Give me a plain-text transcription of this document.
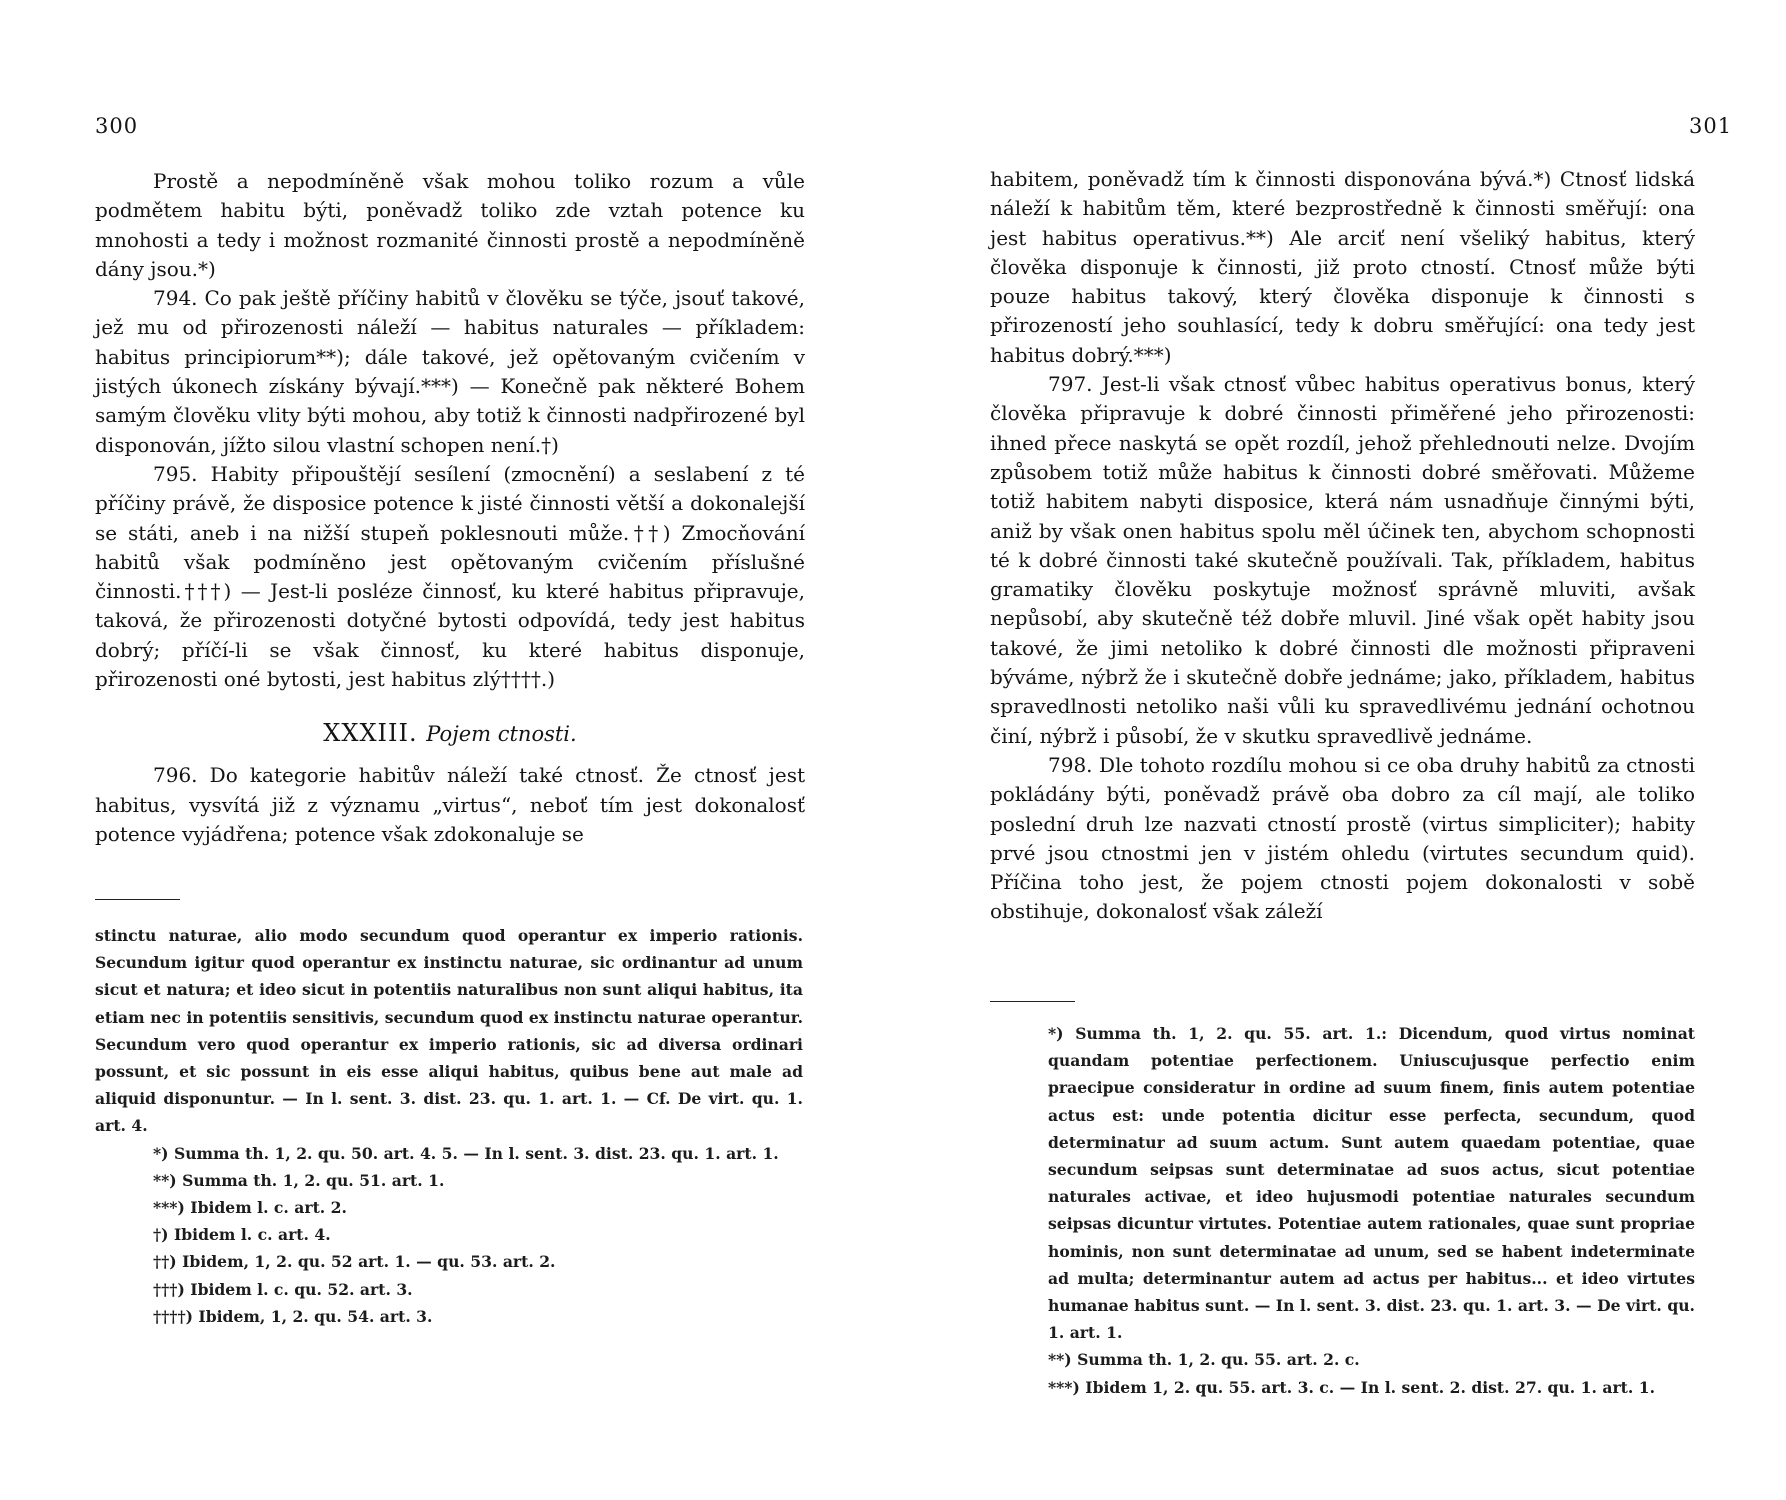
300

Prostě a nepodmíněně však mohou toliko rozum a vůle podmětem habitu býti, poněvadž toliko zde vztah potence ku mnohosti a tedy i možnost rozmanité činnosti prostě a nepodmíněně dány jsou.*)

794. Co pak ještě příčiny habitů v člověku se týče, jsouť takové, jež mu od přirozenosti náleží — habitus naturales — příkladem: habitus principiorum**); dále takové, jež opětovaným cvičením v jistých úkonech získány bývají.***) — Konečně pak některé Bohem samým člověku vlity býti mohou, aby totiž k činnosti nadpřirozené byl disponován, jížto silou vlastní schopen není.†)

795. Habity připouštějí sesílení (zmocnění) a seslabení z té příčiny právě, že disposice potence k jisté činnosti větší a dokonalejší se státi, aneb i na nižší stupeň poklesnouti může.††) Zmocňování habitů však podmíněno jest opětovaným cvičením příslušné činnosti.†††) — Jest-li posléze činnosť, ku které habitus připravuje, taková, že přirozenosti dotyčné bytosti odpovídá, tedy jest habitus dobrý; příčí-li se však činnosť, ku které habitus disponuje, přirozenosti oné bytosti, jest habitus zlý††††.)

XXXIII. Pojem ctnosti.

796. Do kategorie habitův náleží také ctnosť. Že ctnosť jest habitus, vysvítá již z významu „virtus“, neboť tím jest dokonalosť potence vyjádřena; potence však zdokonaluje se

stinctu naturae, alio modo secundum quod operantur ex imperio rationis. Secundum igitur quod operantur ex instinctu naturae, sic ordinantur ad unum sicut et natura; et ideo sicut in potentiis naturalibus non sunt aliqui habitus, ita etiam nec in potentiis sensitivis, secundum quod ex instinctu naturae operantur. Secundum vero quod operantur ex imperio rationis, sic ad diversa ordinari possunt, et sic possunt in eis esse aliqui habitus, quibus bene aut male ad aliquid disponuntur. — In l. sent. 3. dist. 23. qu. 1. art. 1. — Cf. De virt. qu. 1. art. 4.

*) Summa th. 1, 2. qu. 50. art. 4. 5. — In l. sent. 3. dist. 23. qu. 1. art. 1.

**) Summa th. 1, 2. qu. 51. art. 1.

***) Ibidem l. c. art. 2.

†) Ibidem l. c. art. 4.

††) Ibidem, 1, 2. qu. 52 art. 1. — qu. 53. art. 2.

†††) Ibidem l. c. qu. 52. art. 3.

††††) Ibidem, 1, 2. qu. 54. art. 3.

301

habitem, poněvadž tím k činnosti disponována bývá.*) Ctnosť lidská náleží k habitům těm, které bezprostředně k činnosti směřují: ona jest habitus operativus.**) Ale arciť není všeliký habitus, který člověka disponuje k činnosti, již proto ctností. Ctnosť může býti pouze habitus takový, který člověka disponuje k činnosti s přirozeností jeho souhlasící, tedy k dobru směřující: ona tedy jest habitus dobrý.***)

797. Jest-li však ctnosť vůbec habitus operativus bonus, který člověka připravuje k dobré činnosti přiměřené jeho přirozenosti: ihned přece naskytá se opět rozdíl, jehož přehlednouti nelze. Dvojím způsobem totiž může habitus k činnosti dobré směřovati. Můžeme totiž habitem nabyti disposice, která nám usnadňuje činnými býti, aniž by však onen habitus spolu měl účinek ten, abychom schopnosti té k dobré činnosti také skutečně používali. Tak, příkladem, habitus gramatiky člověku poskytuje možnosť správně mluviti, avšak nepůsobí, aby skutečně též dobře mluvil. Jiné však opět habity jsou takové, že jimi netoliko k dobré činnosti dle možnosti připraveni býváme, nýbrž že i skutečně dobře jednáme; jako, příkladem, habitus spravedlnosti netoliko naši vůli ku spravedlivému jednání ochotnou činí, nýbrž i působí, že v skutku spravedlivě jednáme.

798. Dle tohoto rozdílu mohou si ce oba druhy habitů za ctnosti pokládány býti, poněvadž právě oba dobro za cíl mají, ale toliko poslední druh lze nazvati ctností prostě (virtus simpliciter); habity prvé jsou ctnostmi jen v jistém ohledu (virtutes secundum quid). Příčina toho jest, že pojem ctnosti pojem dokonalosti v sobě obstihuje, dokonalosť však záleží

*) Summa th. 1, 2. qu. 55. art. 1.: Dicendum, quod virtus nominat quandam potentiae perfectionem. Uniuscujusque perfectio enim praecipue consideratur in ordine ad suum finem, finis autem potentiae actus est: unde potentia dicitur esse perfecta, secundum, quod determinatur ad suum actum. Sunt autem quaedam potentiae, quae secundum seipsas sunt determinatae ad suos actus, sicut potentiae naturales activae, et ideo hujusmodi potentiae naturales secundum seipsas dicuntur virtutes. Potentiae autem rationales, quae sunt propriae hominis, non sunt determinatae ad unum, sed se habent indeterminate ad multa; determinantur autem ad actus per habitus... et ideo virtutes humanae habitus sunt. — In l. sent. 3. dist. 23. qu. 1. art. 3. — De virt. qu. 1. art. 1.

**) Summa th. 1, 2. qu. 55. art. 2. c.

***) Ibidem 1, 2. qu. 55. art. 3. c. — In l. sent. 2. dist. 27. qu. 1. art. 1.
